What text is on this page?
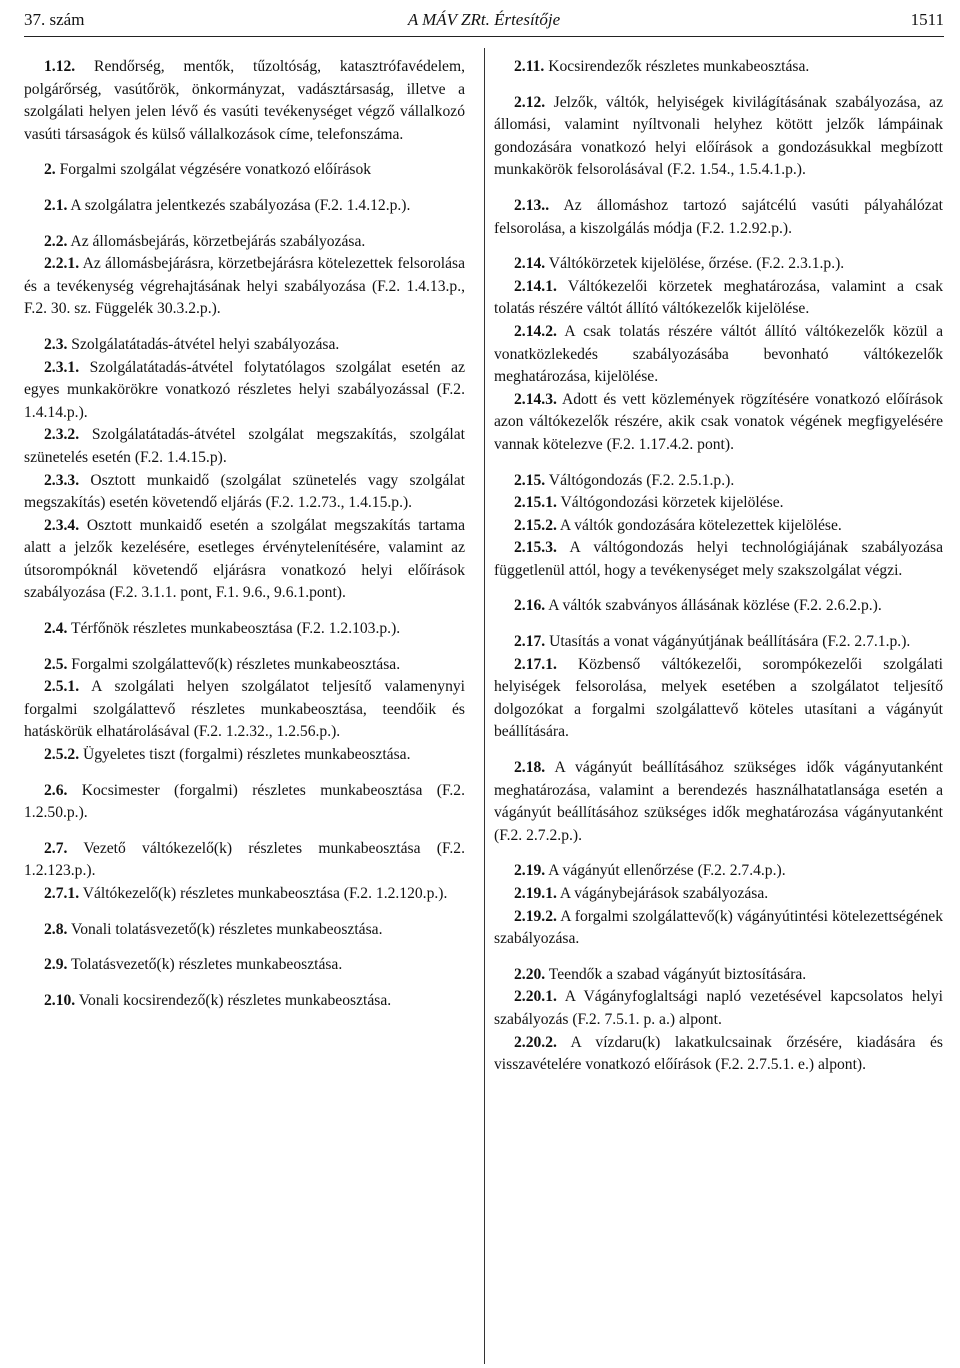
A MÁV ZRt. Értesítője
37. szám	1511

1.12. Rendőrség, mentők, tűzoltóság, katasztrófavédelem, polgárőrség, vasútőrök, önkormányzat, vadásztársaság, illetve a szolgálati helyen jelen lévő és vasúti tevékenységet végző vállalkozó vasúti társaságok és külső vállalkozások címe, telefonszáma.

2. Forgalmi szolgálat végzésére vonatkozó előírások

2.1. A szolgálatra jelentkezés szabályozása (F.2. 1.4.12.p.).

2.2. Az állomásbejárás, körzetbejárás szabályozása.

2.2.1. Az állomásbejárásra, körzetbejárásra kötelezettek felsorolása és a tevékenység végrehajtásának helyi szabályozása (F.2. 1.4.13.p., F.2. 30. sz. Függelék 30.3.2.p.).

2.3. Szolgálatátadás-átvétel helyi szabályozása.

2.3.1. Szolgálatátadás-átvétel folytatólagos szolgálat esetén az egyes munkakörökre vonatkozó részletes helyi szabályozással (F.2. 1.4.14.p.).

2.3.2. Szolgálatátadás-átvétel szolgálat megszakítás, szolgálat szünetelés esetén (F.2. 1.4.15.p).

2.3.3. Osztott munkaidő (szolgálat szünetelés vagy szolgálat megszakítás) esetén követendő eljárás (F.2. 1.2.73., 1.4.15.p.).

2.3.4. Osztott munkaidő esetén a szolgálat megszakítás tartama alatt a jelzők kezelésére, esetleges érvénytelenítésére, valamint az útsorompóknál követendő eljárásra vonatkozó helyi előírások szabályozása (F.2. 3.1.1. pont, F.1. 9.6., 9.6.1.pont).

2.4. Térfőnök részletes munkabeosztása (F.2. 1.2.103.p.).

2.5. Forgalmi szolgálattevő(k) részletes munkabeosztása.

2.5.1. A szolgálati helyen szolgálatot teljesítő valamenynyi forgalmi szolgálattevő részletes munkabeosztása, teendőik és hatáskörük elhatárolásával (F.2. 1.2.32., 1.2.56.p.).

2.5.2. Ügyeletes tiszt (forgalmi) részletes munkabeosztása.

2.6. Kocsimester (forgalmi) részletes munkabeosztása (F.2. 1.2.50.p.).

2.7. Vezető váltókezelő(k) részletes munkabeosztása (F.2. 1.2.123.p.).

2.7.1. Váltókezelő(k) részletes munkabeosztása (F.2. 1.2.120.p.).

2.8. Vonali tolatásvezető(k) részletes munkabeosztása.

2.9. Tolatásvezető(k) részletes munkabeosztása.

2.10. Vonali kocsirendező(k) részletes munkabeosztása.

2.11. Kocsirendezők részletes munkabeosztása.

2.12. Jelzők, váltók, helyiségek kivilágításának szabályozása, az állomási, valamint nyíltvonali helyhez kötött jelzők lámpáinak gondozására vonatkozó helyi előírások a gondozásukkal megbízott munkakörök felsorolásával (F.2. 1.54., 1.5.4.1.p.).

2.13.. Az állomáshoz tartozó sajátcélú vasúti pályahálózat felsorolása, a kiszolgálás módja (F.2. 1.2.92.p.).

2.14. Váltókörzetek kijelölése, őrzése. (F.2. 2.3.1.p.).

2.14.1. Váltókezelői körzetek meghatározása, valamint a csak tolatás részére váltót állító váltókezelők kijelölése.

2.14.2. A csak tolatás részére váltót állító váltókezelők közül a vonatközlekedés szabályozásába bevonható váltókezelők meghatározása, kijelölése.

2.14.3. Adott és vett közlemények rögzítésére vonatkozó előírások azon váltókezelők részére, akik csak vonatok végének megfigyelésére vannak kötelezve (F.2. 1.17.4.2. pont).

2.15. Váltógondozás (F.2. 2.5.1.p.).

2.15.1. Váltógondozási körzetek kijelölése.

2.15.2. A váltók gondozására kötelezettek kijelölése.

2.15.3. A váltógondozás helyi technológiájának szabályozása függetlenül attól, hogy a tevékenységet mely szakszolgálat végzi.

2.16. A váltók szabványos állásának közlése (F.2. 2.6.2.p.).

2.17. Utasítás a vonat vágányútjának beállítására (F.2. 2.7.1.p.).

2.17.1. Közbenső váltókezelői, sorompókezelői szolgálati helyiségek felsorolása, melyek esetében a szolgálatot teljesítő dolgozókat a forgalmi szolgálattevő köteles utasítani a vágányút beállítására.

2.18. A vágányút beállításához szükséges idők vágányutanként meghatározása, valamint a berendezés használhatatlansága esetén a vágányút beállításához szükséges idők meghatározása vágányutanként (F.2. 2.7.2.p.).

2.19. A vágányút ellenőrzése (F.2. 2.7.4.p.).

2.19.1. A vágánybejárások szabályozása.

2.19.2. A forgalmi szolgálattevő(k) vágányútintési kötelezettségének szabályozása.

2.20. Teendők a szabad vágányút biztosítására.

2.20.1. A Vágányfoglaltsági napló vezetésével kapcsolatos helyi szabályozás (F.2. 7.5.1. p. a.) alpont.

2.20.2. A vízdaru(k) lakatkulcsainak őrzésére, kiadására és visszavételére vonatkozó előírások (F.2. 2.7.5.1. e.) alpont).
